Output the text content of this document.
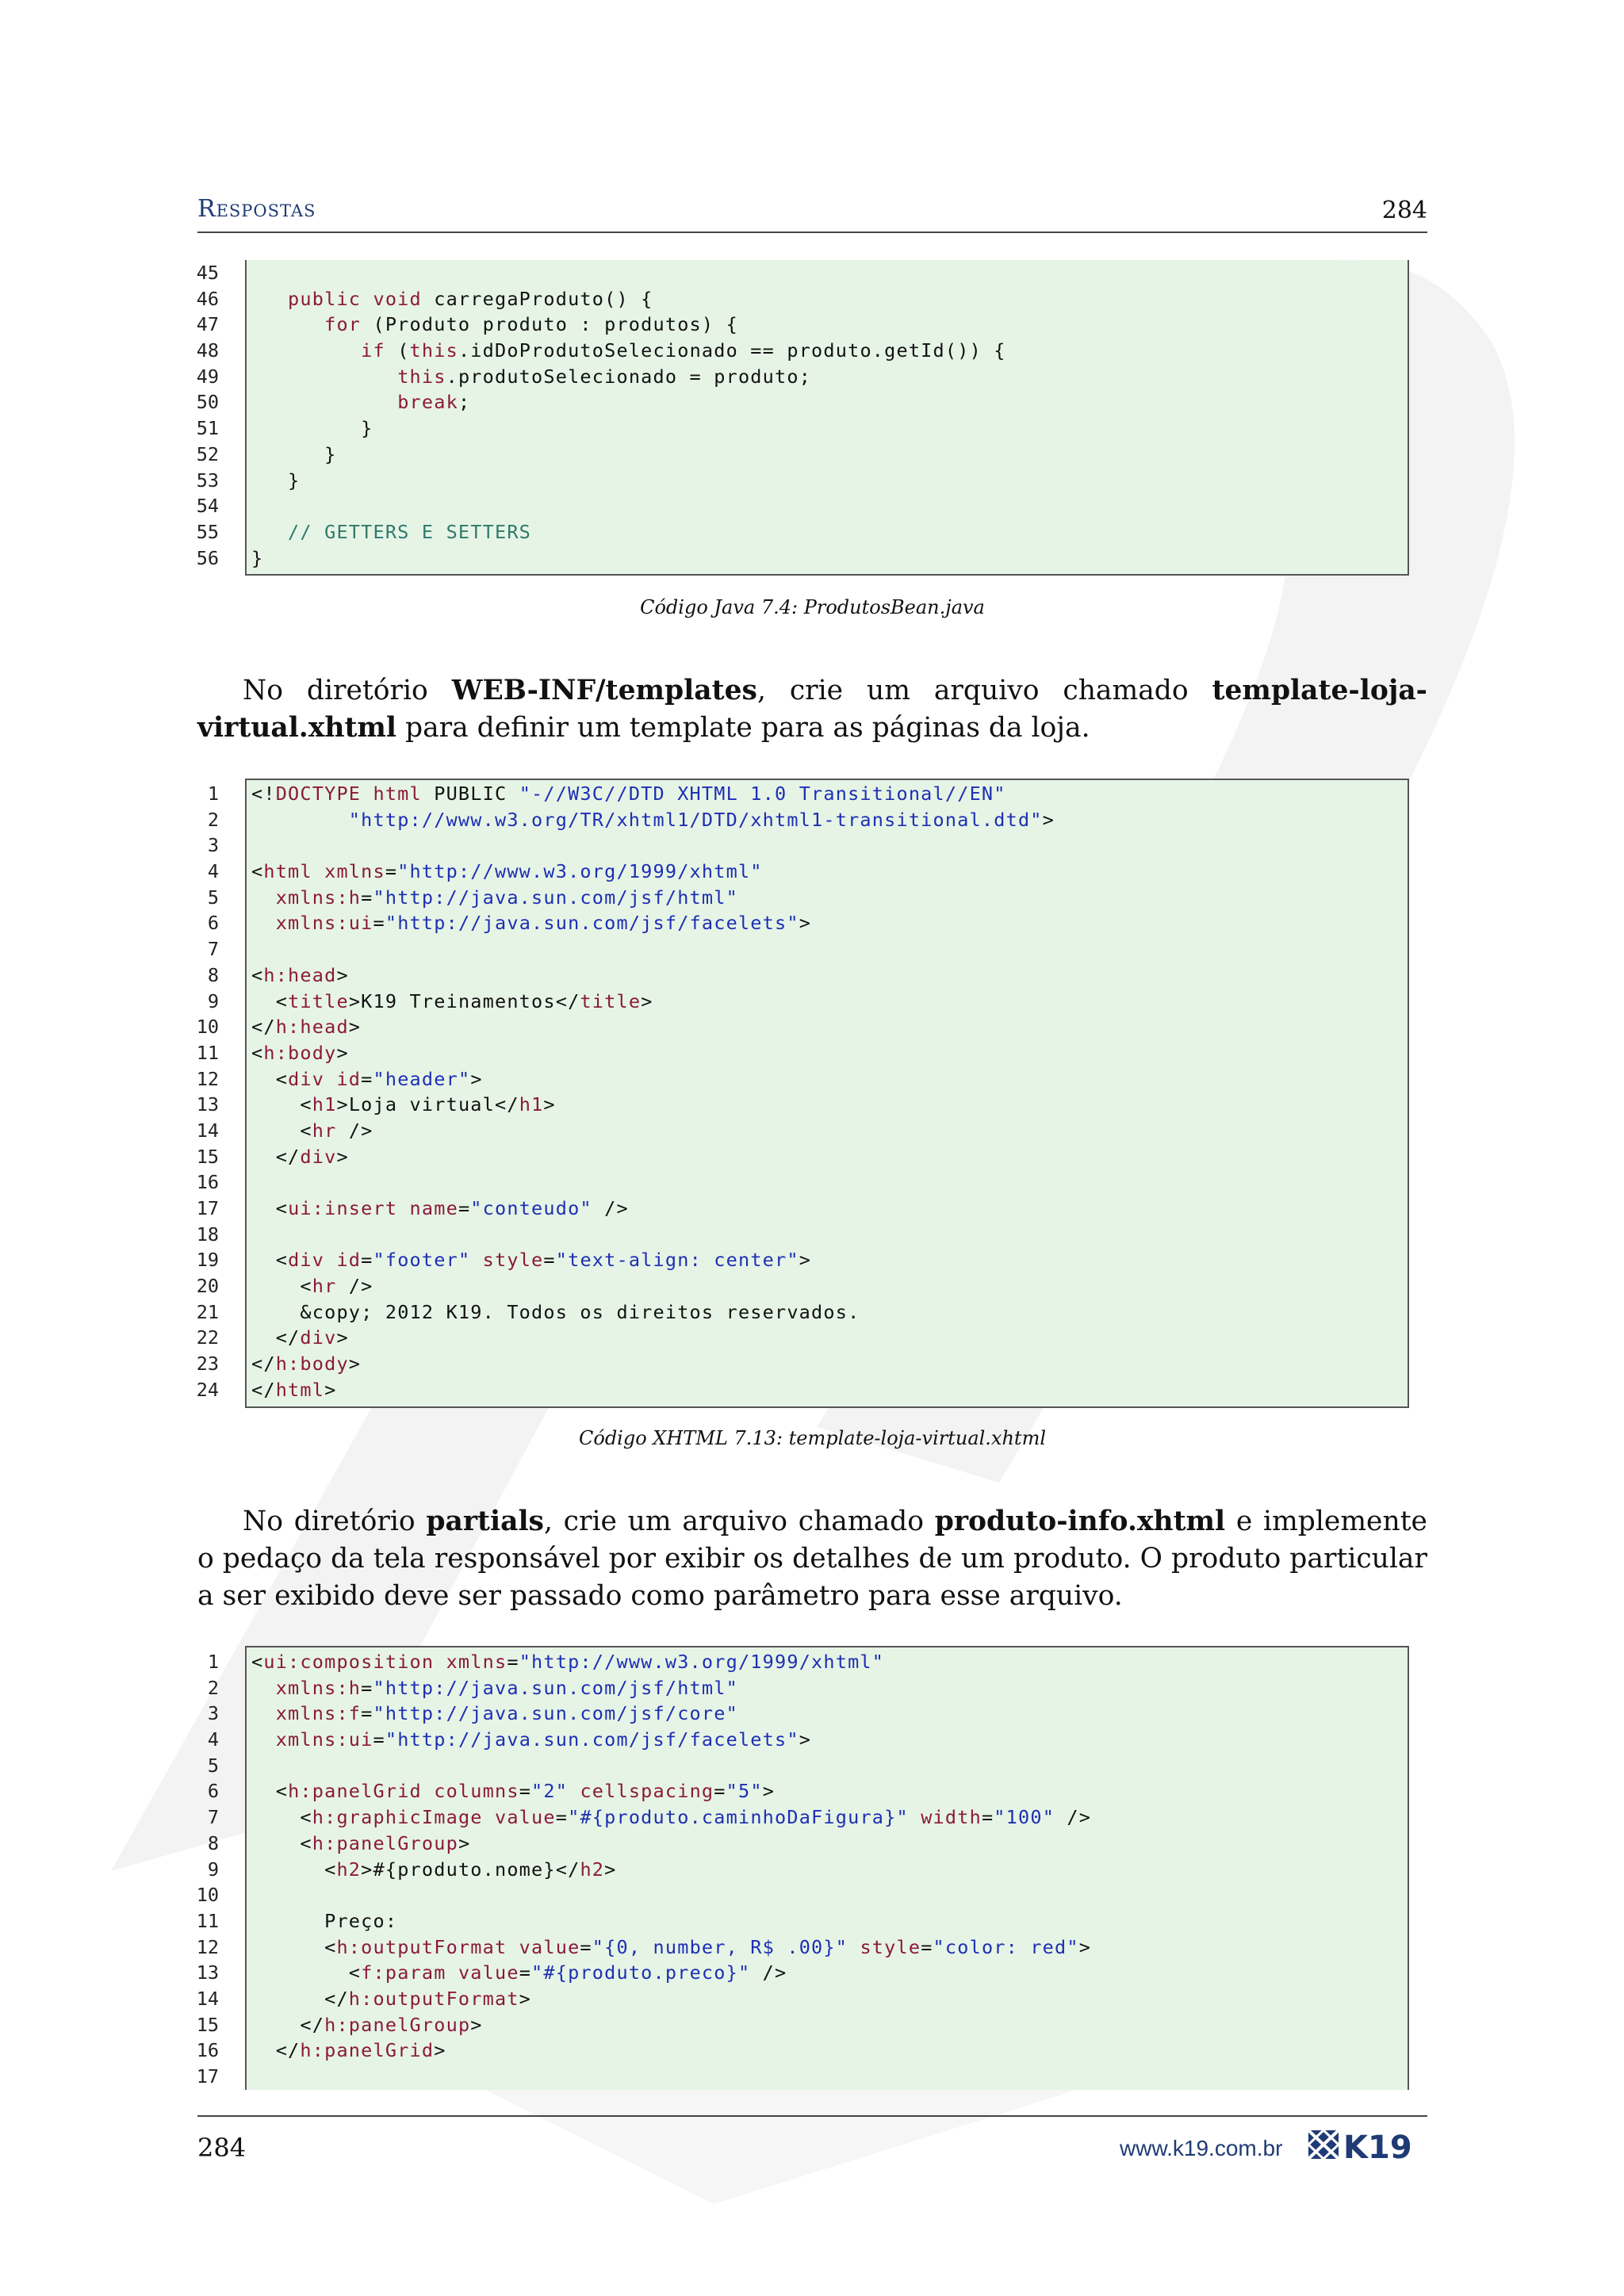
Respostas	284
45
46
47
48
49
50
51
52
53
54
55
56

public void carregaProduto() {
for (Produto produto : produtos) {
if (this.idDoProdutoSelecionado == produto.getId()) {
this.produtoSelecionado = produto;
break;
}
}
}

// GETTERS E SETTERS
}
Código Java 7.4: ProdutosBean.java
No diretório WEB-INF/templates, crie um arquivo chamado template-loja-virtual.xhtml para definir um template para as páginas da loja.
1
2
3
4
5
6
7
8
9
10
11
12
13
14
15
16
17
18
19
20
21
22
23
24
<!DOCTYPE html PUBLIC "-//W3C//DTD XHTML 1.0 Transitional//EN"
"http://www.w3.org/TR/xhtml1/DTD/xhtml1-transitional.dtd">

<html xmlns="http://www.w3.org/1999/xhtml"
xmlns:h="http://java.sun.com/jsf/html"
xmlns:ui="http://java.sun.com/jsf/facelets">

<h:head>
<title>K19 Treinamentos</title>
</h:head>
<h:body>
<div id="header">
<h1>Loja virtual</h1>
<hr />
</div>

<ui:insert name="conteudo" />

<div id="footer" style="text-align: center">
<hr />
&copy; 2012 K19. Todos os direitos reservados.
</div>
</h:body>
</html>
Código XHTML 7.13: template-loja-virtual.xhtml
No diretório partials, crie um arquivo chamado produto-info.xhtml e implemente o pedaço da tela responsável por exibir os detalhes de um produto. O produto particular a ser exibido deve ser passado como parâmetro para esse arquivo.
1
2
3
4
5
6
7
8
9
10
11
12
13
14
15
16
17
<ui:composition xmlns="http://www.w3.org/1999/xhtml"
xmlns:h="http://java.sun.com/jsf/html"
xmlns:f="http://java.sun.com/jsf/core"
xmlns:ui="http://java.sun.com/jsf/facelets">

<h:panelGrid columns="2" cellspacing="5">
<h:graphicImage value="#{produto.caminhoDaFigura}" width="100" />
<h:panelGroup>
<h2>#{produto.nome}</h2>

Preço:
<h:outputFormat value="{0, number, R$ .00}" style="color: red">
<f:param value="#{produto.preco}" />
</h:outputFormat>
</h:panelGroup>
</h:panelGrid>

284	www.k19.com.br K19
